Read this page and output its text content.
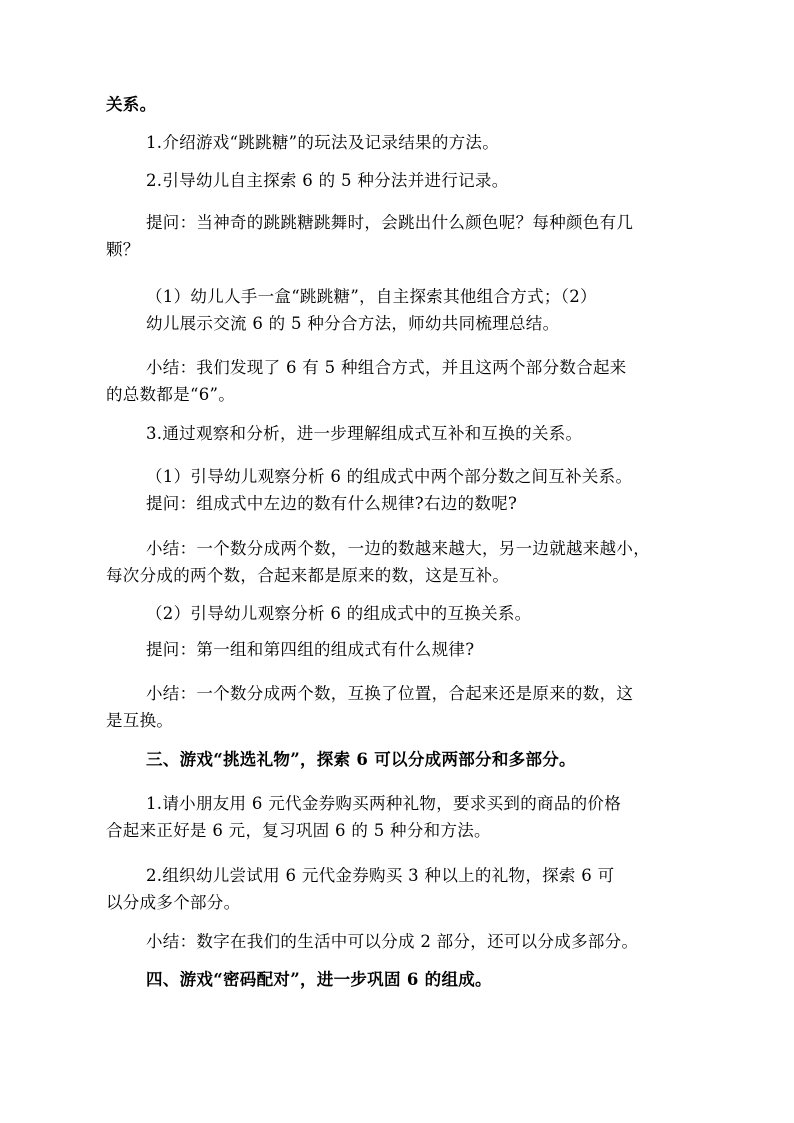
关系。
1.介绍游戏“跳跳糖”的玩法及记录结果的方法。
2.引导幼儿自主探索 6 的 5 种分法并进行记录。
提问：当神奇的跳跳糖跳舞时，会跳出什么颜色呢？每种颜色有几
颗？
（1）幼儿人手一盒“跳跳糖”，自主探索其他组合方式；（2）
幼儿展示交流 6 的 5 种分合方法，师幼共同梳理总结。
小结：我们发现了 6 有 5 种组合方式，并且这两个部分数合起来
的总数都是“6”。
3.通过观察和分析，进一步理解组成式互补和互换的关系。
（1）引导幼儿观察分析 6 的组成式中两个部分数之间互补关系。
提问：组成式中左边的数有什么规律?右边的数呢?
小结：一个数分成两个数，一边的数越来越大，另一边就越来越小，
每次分成的两个数，合起来都是原来的数，这是互补。
（2）引导幼儿观察分析 6 的组成式中的互换关系。
提问：第一组和第四组的组成式有什么规律?
小结：一个数分成两个数，互换了位置，合起来还是原来的数，这
是互换。
三、游戏“挑选礼物”，探索 6 可以分成两部分和多部分。
1.请小朋友用 6 元代金券购买两种礼物，要求买到的商品的价格
合起来正好是 6 元，复习巩固 6 的 5 种分和方法。
2.组织幼儿尝试用 6 元代金券购买 3 种以上的礼物，探索 6 可
以分成多个部分。
小结：数字在我们的生活中可以分成 2 部分，还可以分成多部分。
四、游戏“密码配对”，进一步巩固 6 的组成。
